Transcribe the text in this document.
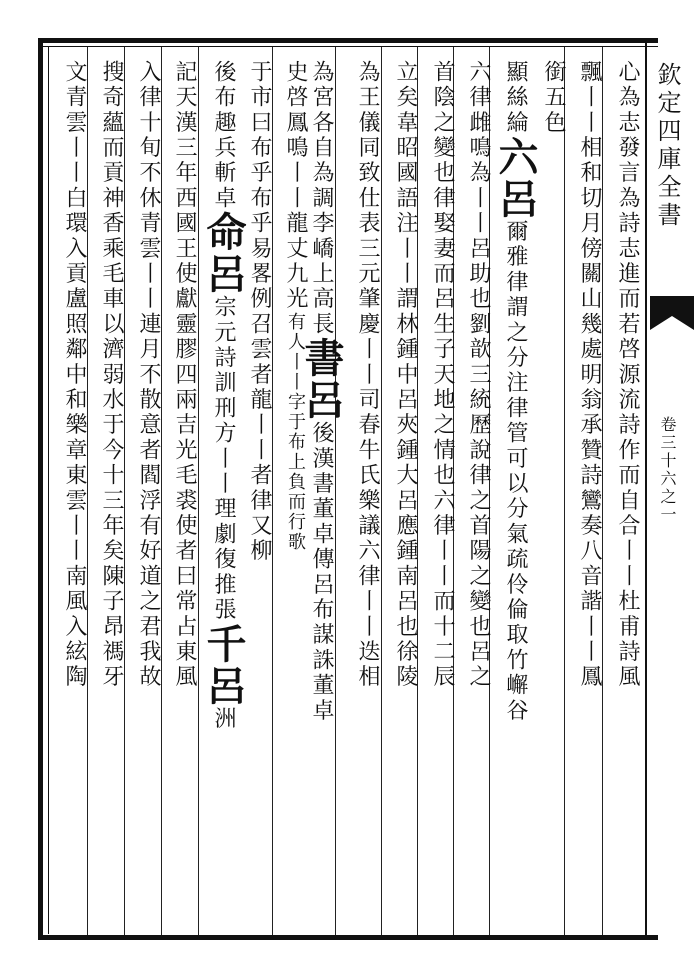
欽定四庫全書
卷三十六之一
心為志發言為詩志進而若啓源流詩作而自合丨丨杜甫詩風
飄丨丨相和切月傍關山幾處明翁承贊詩鸞奏八音諧丨丨鳳
銜五色
顯絲綸六呂爾雅律謂之分注律管可以分氣疏伶倫取竹嶰谷
六律雌鳴為丨丨呂助也劉歆三統歷說律之首陽之變也呂之
首陰之變也律娶妻而呂生子天地之情也六律丨丨而十二辰
立矣韋昭國語注丨丨謂林鍾中呂夾鍾大呂應鍾南呂也徐陵
為王儀同致仕表三元肇慶丨丨司春牛氏樂議六律丨丨迭相
為宮各自為調李嶠上高長書呂後漢書董卓傳呂布謀誅董卓
史啓鳳鳴丨丨龍丈九光有人丨丨字于布上負而行歌
于市曰布乎布乎易畧例召雲者龍丨丨者律又柳
後布趣兵斬卓命呂宗元詩訓刑方丨丨理劇復推張千呂洲
記天漢三年西國王使獻靈膠四兩吉光毛裘使者曰常占東風
入律十旬不休青雲丨丨連月不散意者閻浮有好道之君我故
搜奇蘊而貢神香乘毛車以濟弱水于今十三年矣陳子昂禡牙
文青雲丨丨白環入貢盧照鄰中和樂章東雲丨丨南風入絃陶
